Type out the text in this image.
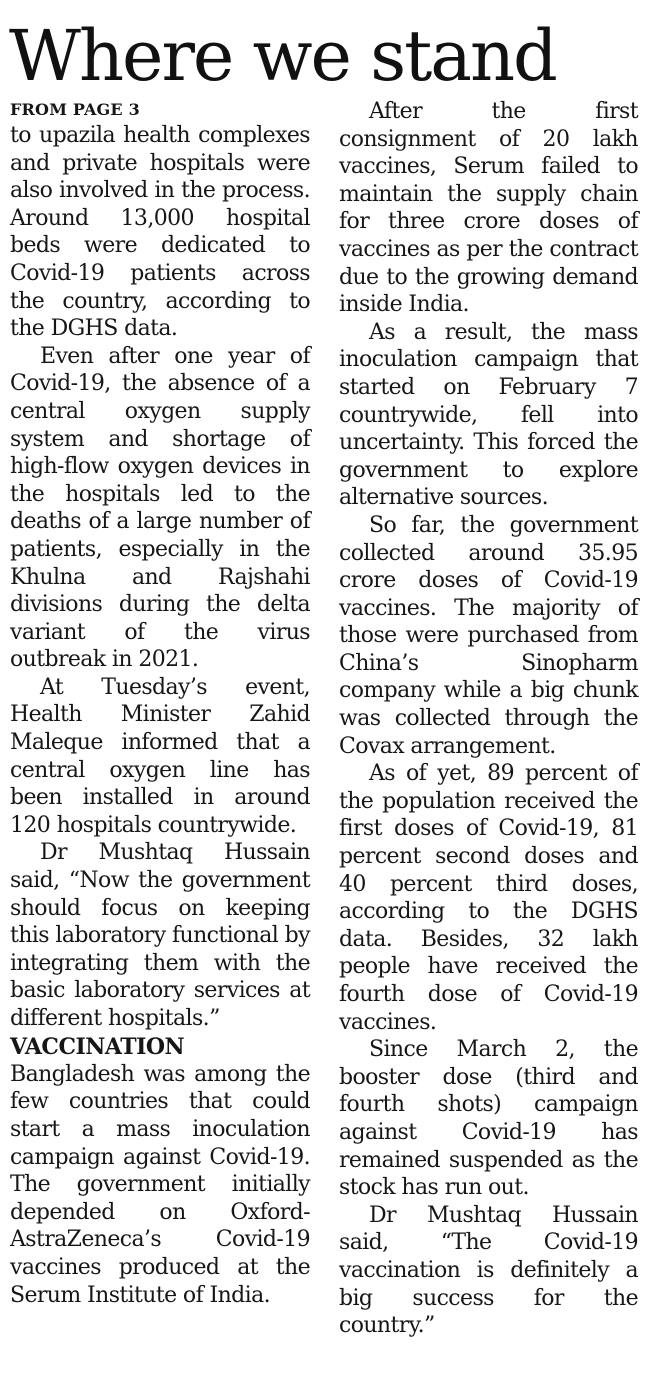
Where we stand
FROM PAGE 3

to upazila health complexes and private hospitals were also involved in the process. Around 13,000 hospital beds were dedicated to Covid-19 patients across the country, according to the DGHS data.

Even after one year of Covid-19, the absence of a central oxygen supply system and shortage of high-flow oxygen devices in the hospitals led to the deaths of a large number of patients, especially in the Khulna and Rajshahi divisions during the delta variant of the virus outbreak in 2021.

At Tuesday’s event, Health Minister Zahid Maleque informed that a central oxygen line has been installed in around 120 hospitals countrywide.

Dr Mushtaq Hussain said, “Now the government should focus on keeping this laboratory functional by integrating them with the basic laboratory services at different hospitals.”

VACCINATION

Bangladesh was among the few countries that could start a mass inoculation campaign against Covid-19. The government initially depended on Oxford-AstraZeneca’s Covid-19 vaccines produced at the Serum Institute of India.

After the first consignment of 20 lakh vaccines, Serum failed to maintain the supply chain for three crore doses of vaccines as per the contract due to the growing demand inside India.

As a result, the mass inoculation campaign that started on February 7 countrywide, fell into uncertainty. This forced the government to explore alternative sources.

So far, the government collected around 35.95 crore doses of Covid-19 vaccines. The majority of those were purchased from China’s Sinopharm company while a big chunk was collected through the Covax arrangement.

As of yet, 89 percent of the population received the first doses of Covid-19, 81 percent second doses and 40 percent third doses, according to the DGHS data. Besides, 32 lakh people have received the fourth dose of Covid-19 vaccines.

Since March 2, the booster dose (third and fourth shots) campaign against Covid-19 has remained suspended as the stock has run out.

Dr Mushtaq Hussain said, “The Covid-19 vaccination is definitely a big success for the country.”
